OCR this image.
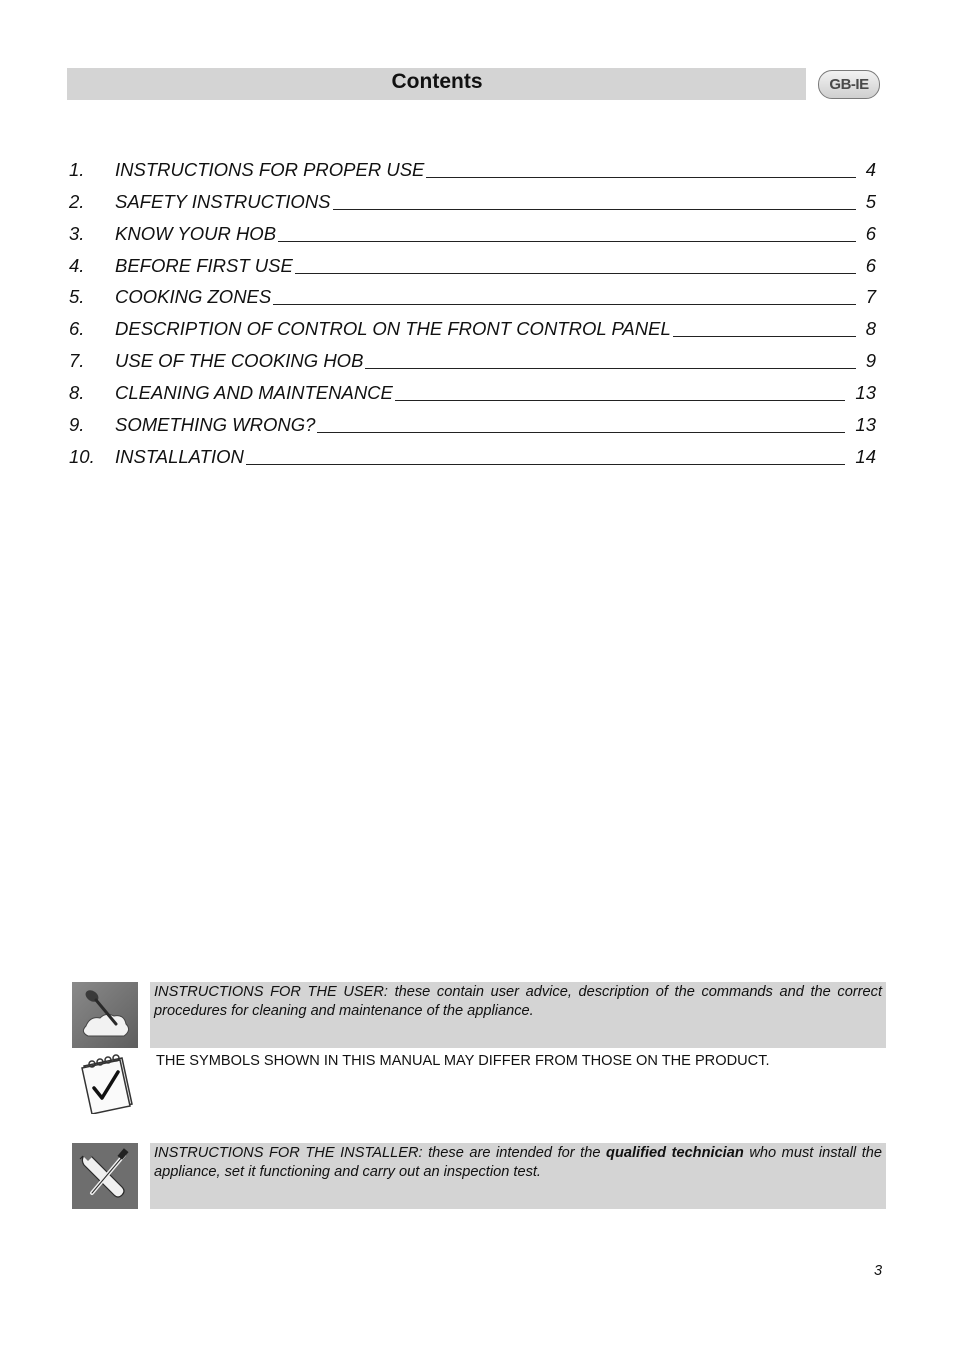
Contents	GB-IE
1. INSTRUCTIONS FOR PROPER USE	4
2. SAFETY INSTRUCTIONS	5
3. KNOW YOUR HOB	6
4. BEFORE FIRST USE	6
5. COOKING ZONES	7
6. DESCRIPTION OF CONTROL ON THE FRONT CONTROL PANEL	8
7. USE OF THE COOKING HOB	9
8. CLEANING AND MAINTENANCE	13
9. SOMETHING WRONG?	13
10. INSTALLATION	14
INSTRUCTIONS FOR THE USER: these contain user advice, description of the commands and the correct procedures for cleaning and maintenance of the appliance.
THE SYMBOLS SHOWN IN THIS MANUAL MAY DIFFER FROM THOSE ON THE PRODUCT.
INSTRUCTIONS FOR THE INSTALLER: these are intended for the qualified technician who must install the appliance, set it functioning and carry out an inspection test.
3
